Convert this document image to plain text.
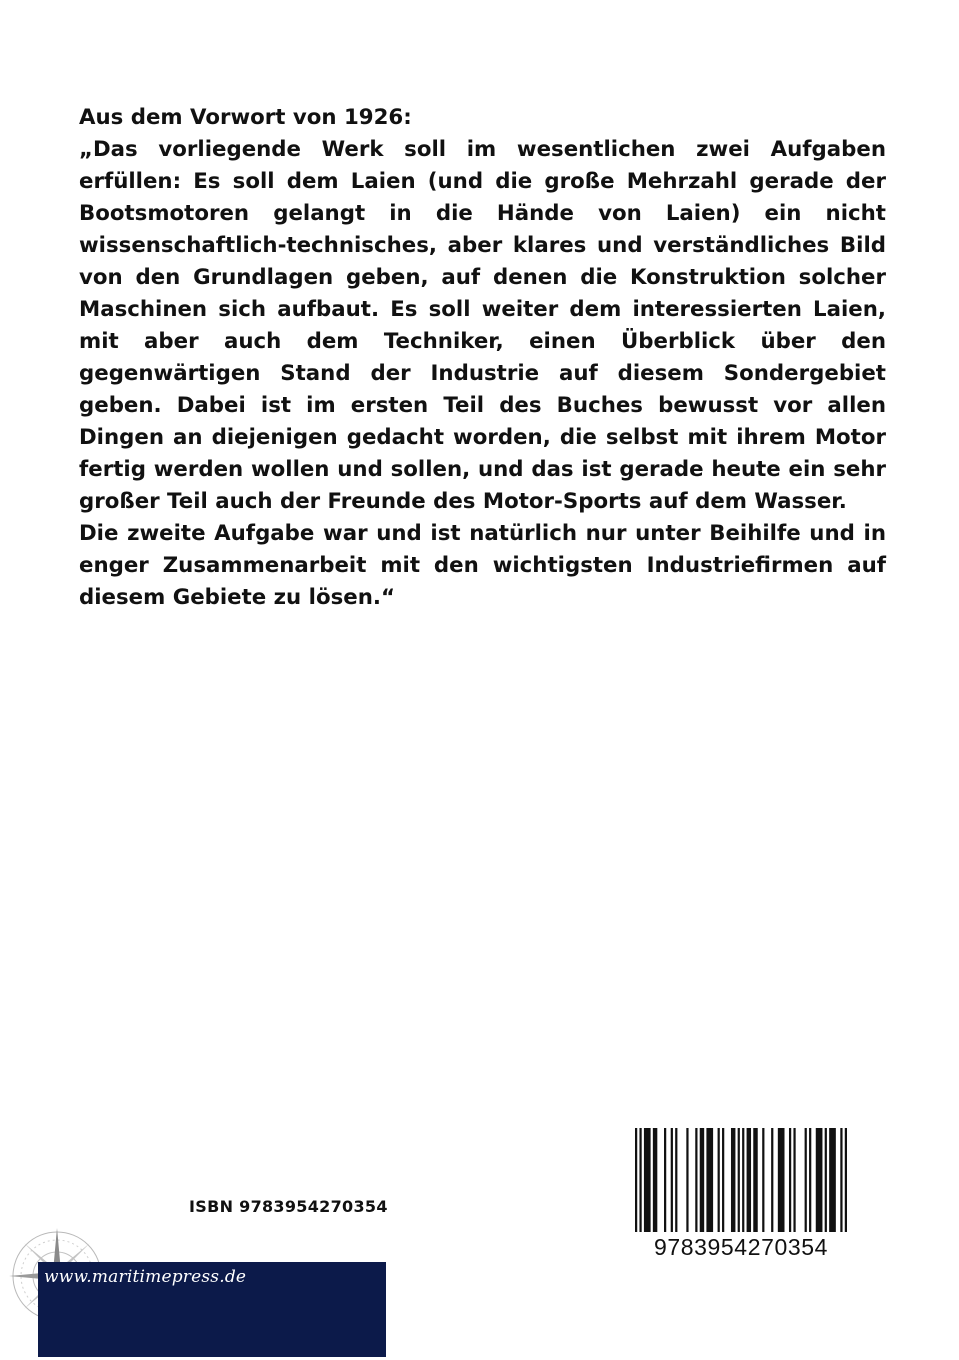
Aus dem Vorwort von 1926:

„Das vorliegende Werk soll im wesentlichen zwei Aufgaben erfüllen: Es soll dem Laien (und die große Mehrzahl gerade der Bootsmotoren gelangt in die Hände von Laien) ein nicht wissenschaftlich-technisches, aber klares und verständliches Bild von den Grundlagen geben, auf denen die Konstruktion solcher Maschinen sich aufbaut. Es soll weiter dem interessierten Laien, mit aber auch dem Techniker, einen Überblick über den gegenwärtigen Stand der Industrie auf diesem Sondergebiet geben. Dabei ist im ersten Teil des Buches bewusst vor allen Dingen an diejenigen gedacht worden, die selbst mit ihrem Motor fertig werden wollen und sollen, und das ist gerade heute ein sehr großer Teil auch der Freunde des Motor-Sports auf dem Wasser.

Die zweite Aufgabe war und ist natürlich nur unter Beihilfe und in enger Zusammenarbeit mit den wichtigsten Industriefirmen auf diesem Gebiete zu lösen.“

ISBN 9783954270354
9783954270354
www.maritimepress.de
